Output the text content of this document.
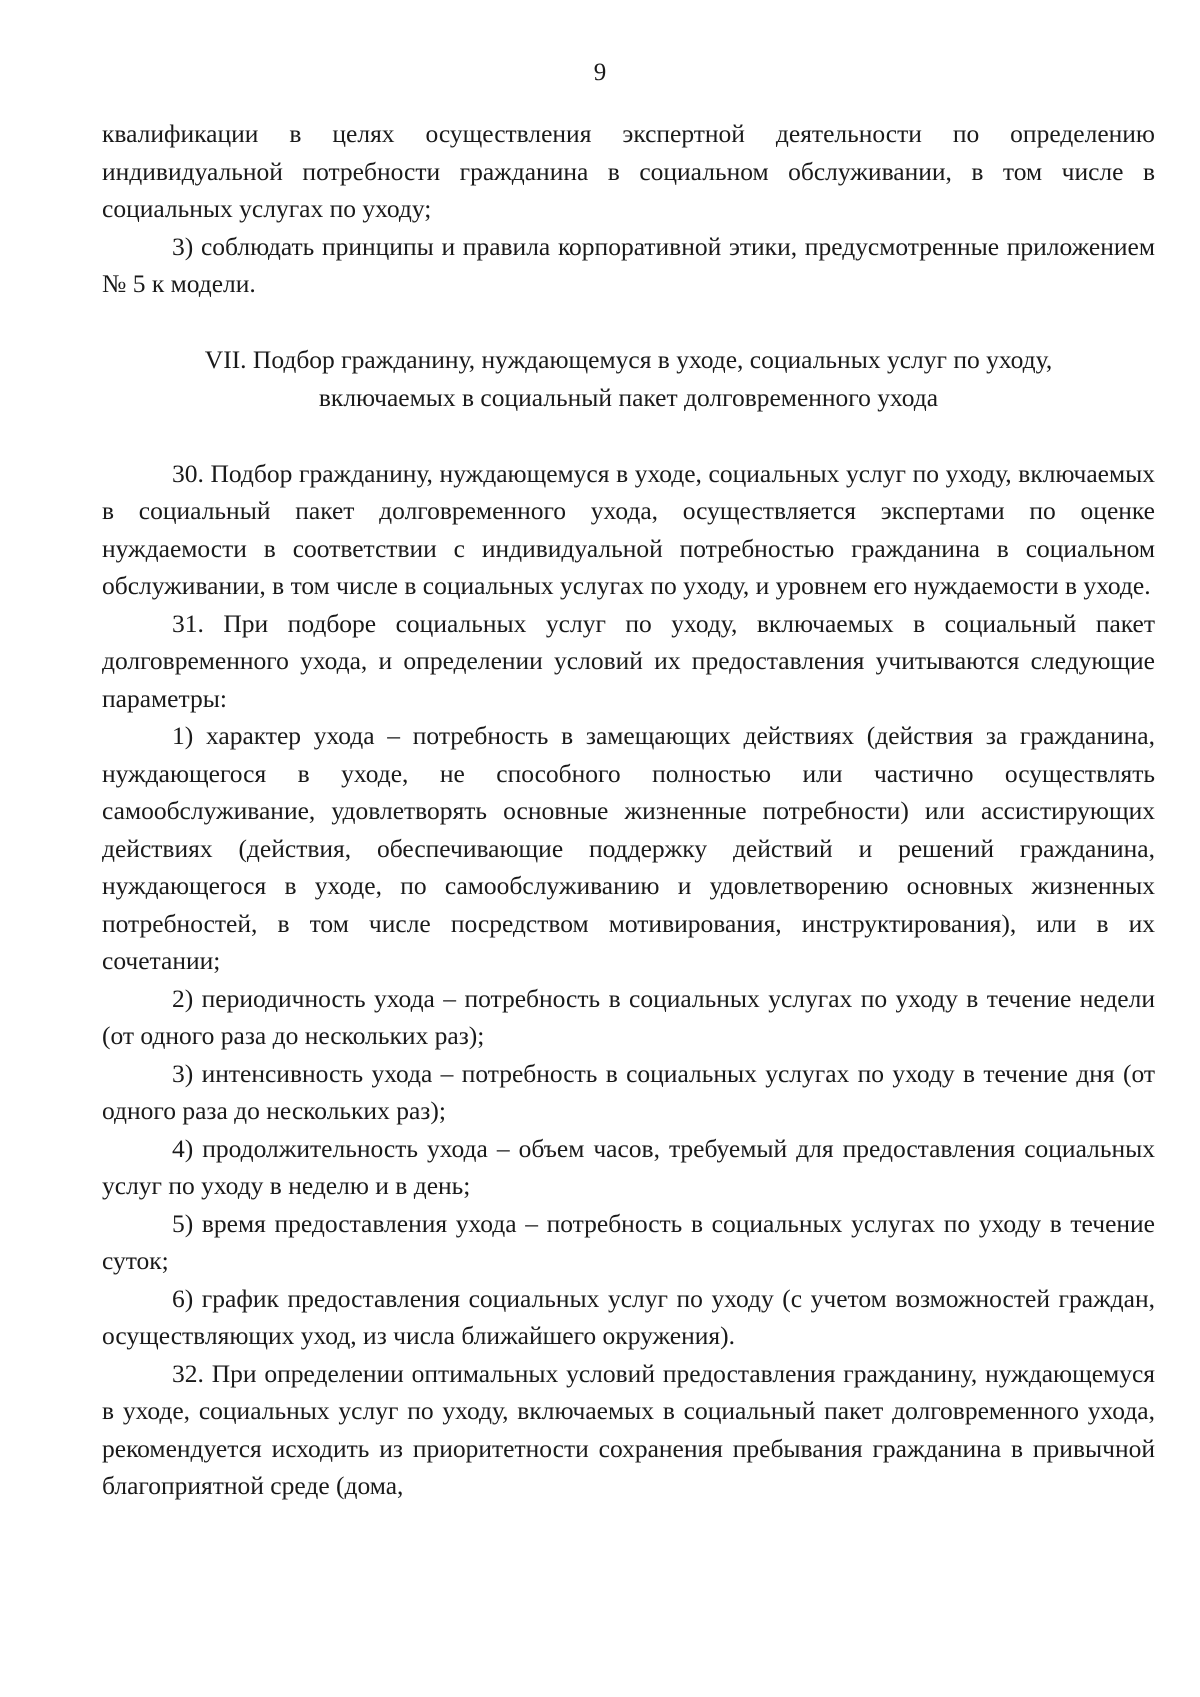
9

квалификации в целях осуществления экспертной деятельности по определению индивидуальной потребности гражданина в социальном обслуживании, в том числе в социальных услугах по уходу;

3) соблюдать принципы и правила корпоративной этики, предусмотренные приложением № 5 к модели.

VII. Подбор гражданину, нуждающемуся в уходе, социальных услуг по уходу,
включаемых в социальный пакет долговременного ухода

30. Подбор гражданину, нуждающемуся в уходе, социальных услуг по уходу, включаемых в социальный пакет долговременного ухода, осуществляется экспертами по оценке нуждаемости в соответствии с индивидуальной потребностью гражданина в социальном обслуживании, в том числе в социальных услугах по уходу, и уровнем его нуждаемости в уходе.

31. При подборе социальных услуг по уходу, включаемых в социальный пакет долговременного ухода, и определении условий их предоставления учитываются следующие параметры:

1) характер ухода – потребность в замещающих действиях (действия за гражданина, нуждающегося в уходе, не способного полностью или частично осуществлять самообслуживание, удовлетворять основные жизненные потребности) или ассистирующих действиях (действия, обеспечивающие поддержку действий и решений гражданина, нуждающегося в уходе, по самообслуживанию и удовлетворению основных жизненных потребностей, в том числе посредством мотивирования, инструктирования), или в их сочетании;

2) периодичность ухода – потребность в социальных услугах по уходу в течение недели (от одного раза до нескольких раз);

3) интенсивность ухода – потребность в социальных услугах по уходу в течение дня (от одного раза до нескольких раз);

4) продолжительность ухода – объем часов, требуемый для предоставления социальных услуг по уходу в неделю и в день;

5) время предоставления ухода – потребность в социальных услугах по уходу в течение суток;

6) график предоставления социальных услуг по уходу (с учетом возможностей граждан, осуществляющих уход, из числа ближайшего окружения).

32. При определении оптимальных условий предоставления гражданину, нуждающемуся в уходе, социальных услуг по уходу, включаемых в социальный пакет долговременного ухода, рекомендуется исходить из приоритетности сохранения пребывания гражданина в привычной благоприятной среде (дома,
